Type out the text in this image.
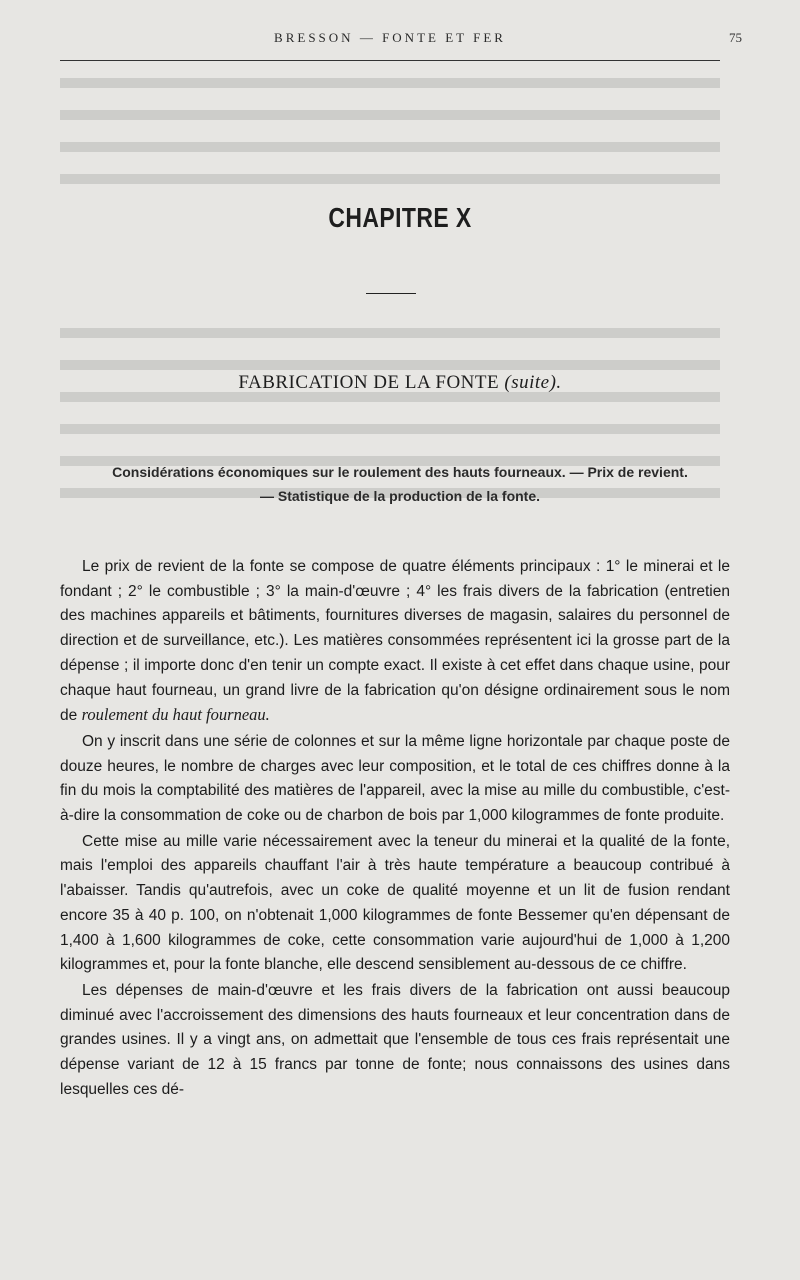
BRESSON — FONTE ET FER	75
CHAPITRE X
FABRICATION DE LA FONTE (suite).
Considérations économiques sur le roulement des hauts fourneaux. — Prix de revient.
— Statistique de la production de la fonte.

Le prix de revient de la fonte se compose de quatre éléments principaux : 1° le minerai et le fondant ; 2° le combustible ; 3° la main-d'œuvre ; 4° les frais divers de la fabrication (entretien des machines appareils et bâtiments, fournitures diverses de magasin, salaires du personnel de direction et de surveillance, etc.). Les matières consommées représentent ici la grosse part de la dépense ; il importe donc d'en tenir un compte exact. Il existe à cet effet dans chaque usine, pour chaque haut fourneau, un grand livre de la fabrication qu'on désigne ordinairement sous le nom de roulement du haut fourneau.

On y inscrit dans une série de colonnes et sur la même ligne horizontale par chaque poste de douze heures, le nombre de charges avec leur composition, et le total de ces chiffres donne à la fin du mois la comptabilité des matières de l'appareil, avec la mise au mille du combustible, c'est-à-dire la consommation de coke ou de charbon de bois par 1,000 kilogrammes de fonte produite.

Cette mise au mille varie nécessairement avec la teneur du minerai et la qualité de la fonte, mais l'emploi des appareils chauffant l'air à très haute température a beaucoup contribué à l'abaisser. Tandis qu'autrefois, avec un coke de qualité moyenne et un lit de fusion rendant encore 35 à 40 p. 100, on n'obtenait 1,000 kilogrammes de fonte Bessemer qu'en dépensant de 1,400 à 1,600 kilogrammes de coke, cette consommation varie aujourd'hui de 1,000 à 1,200 kilogrammes et, pour la fonte blanche, elle descend sensiblement au-dessous de ce chiffre.

Les dépenses de main-d'œuvre et les frais divers de la fabrication ont aussi beaucoup diminué avec l'accroissement des dimensions des hauts fourneaux et leur concentration dans de grandes usines. Il y a vingt ans, on admettait que l'ensemble de tous ces frais représentait une dépense variant de 12 à 15 francs par tonne de fonte; nous connaissons des usines dans lesquelles ces dé-
